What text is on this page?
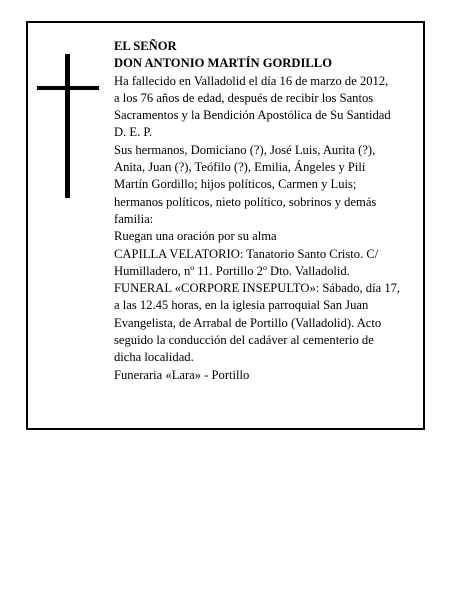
EL SEÑOR
DON ANTONIO MARTÍN GORDILLO
Ha fallecido en Valladolid el día 16 de marzo de 2012,
a los 76 años de edad, después de recibir los Santos
Sacramentos y la Bendición Apostólica de Su Santidad
D. E. P.
Sus hermanos, Domiciano (?), José Luis, Aurita (?),
Anita, Juan (?), Teófilo (?), Emilia, Ángeles y Pili
Martín Gordillo; hijos políticos, Carmen y Luis;
hermanos políticos, nieto político, sobrinos y demás
familia:
Ruegan una oración por su alma
CAPILLA VELATORIO: Tanatorio Santo Cristo. C/
Humilladero, nº 11. Portillo 2º Dto. Valladolid.
FUNERAL «CORPORE INSEPULTO»: Sábado, día 17,
a las 12.45 horas, en la iglesia parroquial San Juan
Evangelista, de Arrabal de Portillo (Valladolid). Acto
seguido la conducción del cadáver al cementerio de
dicha localidad.
Funeraria «Lara» - Portillo
